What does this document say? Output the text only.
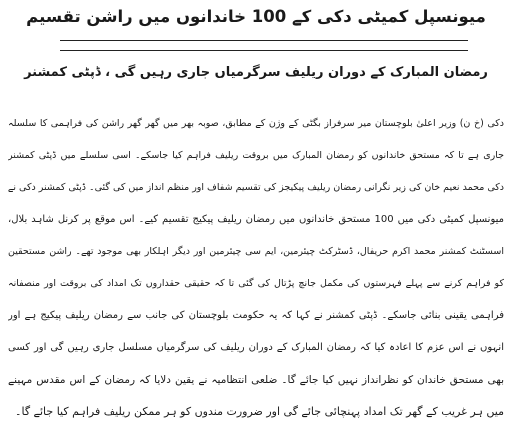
میونسپل کمیٹی دکی کے 100 خاندانوں میں راشن تقسیم
رمضان المبارک کے دوران ریلیف سرگرمیاں جاری رہیں گی ، ڈپٹی کمشنر
دکی (خ ن) وزیر اعلیٰ بلوچستان میر سرفراز بگٹی کے وژن کے مطابق، صوبہ بھر میں گھر گھر راشن کی فراہمی کا سلسلہ
جاری ہے تا کہ مستحق خاندانوں کو رمضان المبارک میں بروقت ریلیف فراہم کیا جاسکے۔ اسی سلسلے میں ڈپٹی کمشنر
دکی محمد نعیم خان کی زیر نگرانی رمضان ریلیف پیکیجز کی تقسیم شفاف اور منظم انداز میں کی گئی۔ ڈپٹی کمشنر دکی نے
میونسپل کمیٹی دکی میں 100 مستحق خاندانوں میں رمضان ریلیف پیکیج تقسیم کیے۔ اس موقع پر کرنل شاہد بلال،
اسسٹنٹ کمشنر محمد اکرم حریفال، ڈسٹرکٹ چیئرمین، ایم سی چیئرمین اور دیگر اہلکار بھی موجود تھے۔ راشن مستحقین
کو فراہم کرنے سے پہلے فہرستوں کی مکمل جانچ پڑتال کی گئی تا کہ حقیقی حقداروں تک امداد کی بروقت اور منصفانہ
فراہمی یقینی بنائی جاسکے۔ ڈپٹی کمشنر نے کہا کہ یہ حکومت بلوچستان کی جانب سے رمضان ریلیف پیکیج ہے اور
انہوں نے اس عزم کا اعادہ کیا کہ رمضان المبارک کے دوران ریلیف کی سرگرمیاں مسلسل جاری رہیں گی اور کسی
بھی مستحق خاندان کو نظرانداز نہیں کیا جائے گا۔ ضلعی انتظامیہ نے یقین دلایا کہ رمضان کے اس مقدس مہینے
میں ہر غریب کے گھر تک امداد پہنچائی جائے گی اور ضرورت مندوں کو ہر ممکن ریلیف فراہم کیا جائے گا۔
